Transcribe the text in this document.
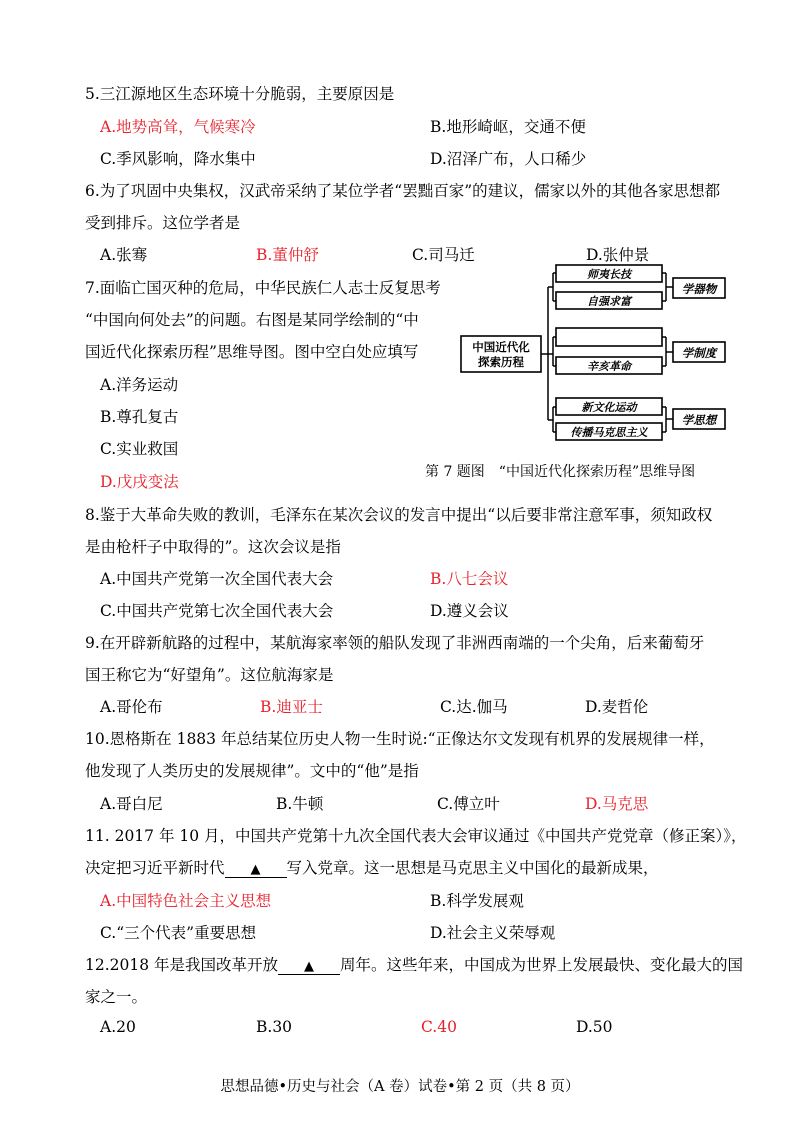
5.三江源地区生态环境十分脆弱，主要原因是
A.地势高耸，气候寒冷	B.地形崎岖，交通不便
C.季风影响，降水集中	D.沼泽广布，人口稀少
6.为了巩固中央集权，汉武帝采纳了某位学者“罢黜百家”的建议，儒家以外的其他各家思想都
受到排斥。这位学者是
A.张骞	B.董仲舒	C.司马迁	D.张仲景
7.面临亡国灭种的危局，中华民族仁人志士反复思考
“中国向何处去”的问题。右图是某同学绘制的“中
国近代化探索历程”思维导图。图中空白处应填写
A.洋务运动
B.尊孔复古
C.实业救国
D.戊戌变法
中国近代化
探索历程
师夷长技
自强求富
辛亥革命
新文化运动
传播马克思主义
学器物
学制度
学思想
第 7 题图　“中国近代化探索历程”思维导图
8.鉴于大革命失败的教训，毛泽东在某次会议的发言中提出“以后要非常注意军事，须知政权
是由枪杆子中取得的”。这次会议是指
A.中国共产党第一次全国代表大会	B.八七会议
C.中国共产党第七次全国代表大会	D.遵义会议
9.在开辟新航路的过程中，某航海家率领的船队发现了非洲西南端的一个尖角，后来葡萄牙
国王称它为“好望角”。这位航海家是
A.哥伦布	B.迪亚士	C.达.伽马	D.麦哲伦
10.恩格斯在 1883 年总结某位历史人物一生时说:“正像达尔文发现有机界的发展规律一样，
他发现了人类历史的发展规律”。文中的“他”是指
A.哥白尼	B.牛顿	C.傅立叶	D.马克思
11. 2017 年 10 月，中国共产党第十九次全国代表大会审议通过《中国共产党党章（修正案）》，
决定把习近平新时代 ▲ 写入党章。这一思想是马克思主义中国化的最新成果，
A.中国特色社会主义思想	B.科学发展观
C.“三个代表”重要思想	D.社会主义荣辱观
12.2018 年是我国改革开放 ▲ 周年。这些年来，中国成为世界上发展最快、变化最大的国
家之一。
A.20	B.30	C.40	D.50
思想品德•历史与社会（A 卷）试卷•第 2 页（共 8 页）
